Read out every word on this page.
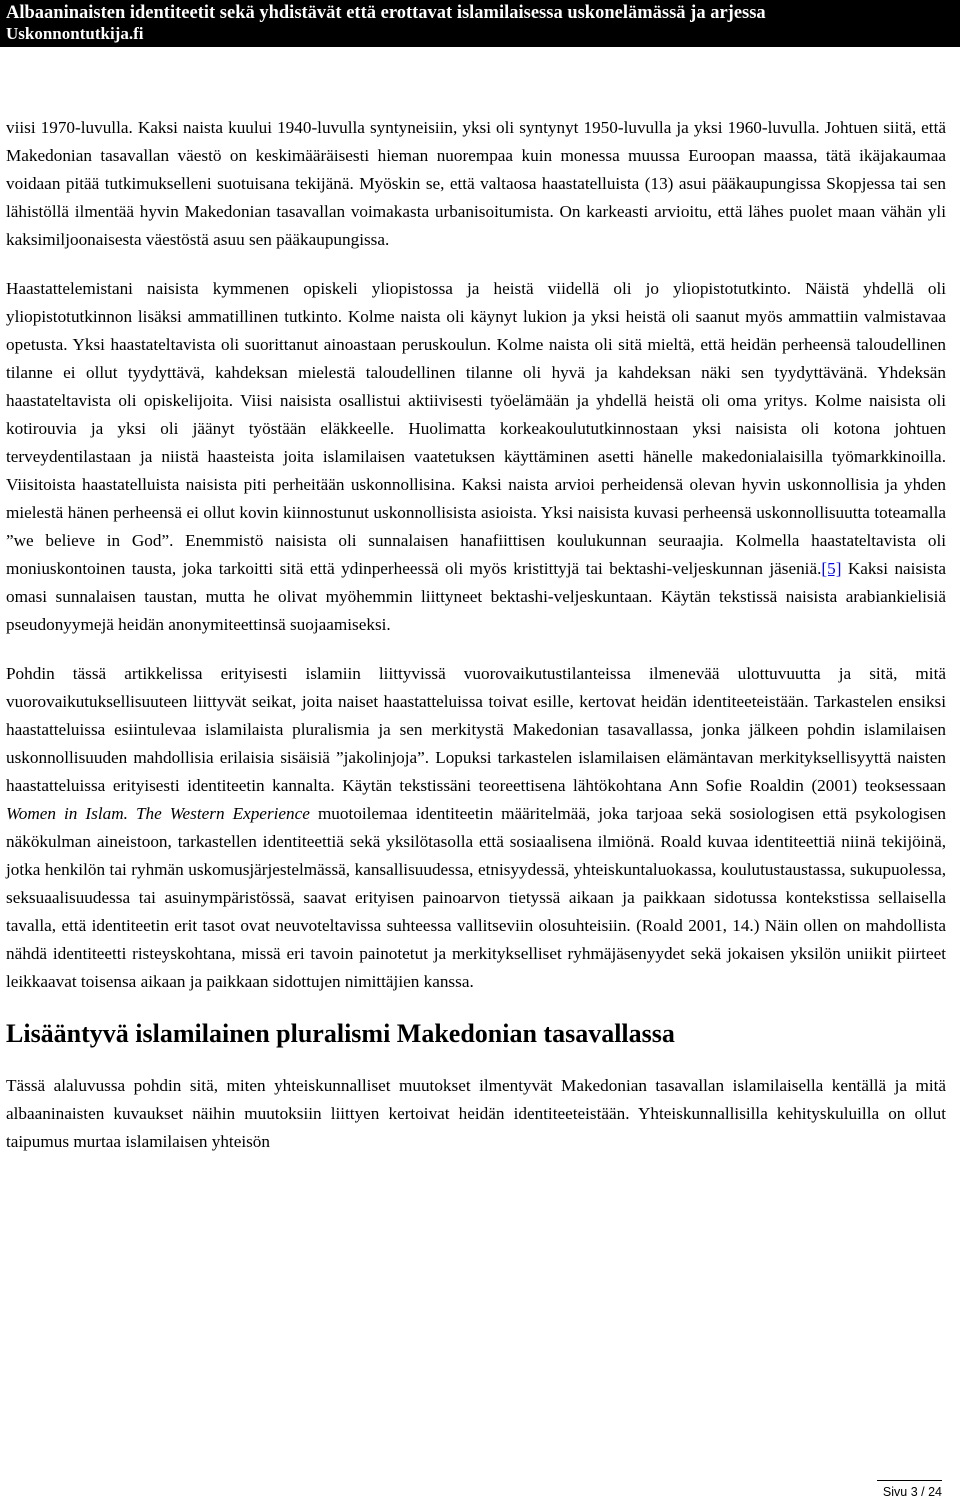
Albaaninaisten identiteetit sekä yhdistävät että erottavat islamilaisessa uskonelämässä ja arjessa
Uskonnontutkija.fi

viisi 1970-luvulla. Kaksi naista kuului 1940-luvulla syntyneisiin, yksi oli syntynyt 1950-luvulla ja yksi 1960-luvulla. Johtuen siitä, että Makedonian tasavallan väestö on keskimääräisesti hieman nuorempaa kuin monessa muussa Euroopan maassa, tätä ikäjakaumaa voidaan pitää tutkimukselleni suotuisana tekijänä. Myöskin se, että valtaosa haastatelluista (13) asui pääkaupungissa Skopjessa tai sen lähistöllä ilmentää hyvin Makedonian tasavallan voimakasta urbanisoitumista. On karkeasti arvioitu, että lähes puolet maan vähän yli kaksimiljoonaisesta väestöstä asuu sen pääkaupungissa.

Haastattelemistani naisista kymmenen opiskeli yliopistossa ja heistä viidellä oli jo yliopistotutkinto. Näistä yhdellä oli yliopistotutkinnon lisäksi ammatillinen tutkinto. Kolme naista oli käynyt lukion ja yksi heistä oli saanut myös ammattiin valmistavaa opetusta. Yksi haastateltavista oli suorittanut ainoastaan peruskoulun. Kolme naista oli sitä mieltä, että heidän perheensä taloudellinen tilanne ei ollut tyydyttävä, kahdeksan mielestä taloudellinen tilanne oli hyvä ja kahdeksan näki sen tyydyttävänä. Yhdeksän haastateltavista oli opiskelijoita. Viisi naisista osallistui aktiivisesti työelämään ja yhdellä heistä oli oma yritys. Kolme naisista oli kotirouvia ja yksi oli jäänyt työstään eläkkeelle. Huolimatta korkeakoulututkinnostaan yksi naisista oli kotona johtuen terveydentilastaan ja niistä haasteista joita islamilaisen vaatetuksen käyttäminen asetti hänelle makedonialaisilla työmarkkinoilla. Viisitoista haastatelluista naisista piti perheitään uskonnollisina. Kaksi naista arvioi perheidensä olevan hyvin uskonnollisia ja yhden mielestä hänen perheensä ei ollut kovin kiinnostunut uskonnollisista asioista. Yksi naisista kuvasi perheensä uskonnollisuutta toteamalla ”we believe in God”. Enemmistö naisista oli sunnalaisen hanafiittisen koulukunnan seuraajia. Kolmella haastateltavista oli moniuskontoinen tausta, joka tarkoitti sitä että ydinperheessä oli myös kristittyjä tai bektashi-veljeskunnan jäseniä.[5] Kaksi naisista omasi sunnalaisen taustan, mutta he olivat myöhemmin liittyneet bektashi-veljeskuntaan. Käytän tekstissä naisista arabiankielisiä pseudonyymejä heidän anonymiteettinsä suojaamiseksi.

Pohdin tässä artikkelissa erityisesti islamiin liittyvissä vuorovaikutustilanteissa ilmenevää ulottuvuutta ja sitä, mitä vuorovaikutuksellisuuteen liittyvät seikat, joita naiset haastatteluissa toivat esille, kertovat heidän identiteeteistään. Tarkastelen ensiksi haastatteluissa esiintulevaa islamilaista pluralismia ja sen merkitystä Makedonian tasavallassa, jonka jälkeen pohdin islamilaisen uskonnollisuuden mahdollisia erilaisia sisäisiä ”jakolinjoja”. Lopuksi tarkastelen islamilaisen elämäntavan merkityksellisyyttä naisten haastatteluissa erityisesti identiteetin kannalta. Käytän tekstissäni teoreettisena lähtökohtana Ann Sofie Roaldin (2001) teoksessaan Women in Islam. The Western Experience muotoilemaa identiteetin määritelmää, joka tarjoaa sekä sosiologisen että psykologisen näkökulman aineistoon, tarkastellen identiteettiä sekä yksilötasolla että sosiaalisena ilmiönä. Roald kuvaa identiteettiä niinä tekijöinä, jotka henkilön tai ryhmän uskomusjärjestelmässä, kansallisuudessa, etnisyydessä, yhteiskuntaluokassa, koulutustaustassa, sukupuolessa, seksuaalisuudessa tai asuinympäristössä, saavat erityisen painoarvon tietyssä aikaan ja paikkaan sidotussa kontekstissa sellaisella tavalla, että identiteetin erit tasot ovat neuvoteltavissa suhteessa vallitseviin olosuhteisiin. (Roald 2001, 14.) Näin ollen on mahdollista nähdä identiteetti risteyskohtana, missä eri tavoin painotetut ja merkitykselliset ryhmäjäsenyydet sekä jokaisen yksilön uniikit piirteet leikkaavat toisensa aikaan ja paikkaan sidottujen nimittäjien kanssa.

Lisääntyvä islamilainen pluralismi Makedonian tasavallassa

Tässä alaluvussa pohdin sitä, miten yhteiskunnalliset muutokset ilmentyvät Makedonian tasavallan islamilaisella kentällä ja mitä albaaninaisten kuvaukset näihin muutoksiin liittyen kertoivat heidän identiteeteistään. Yhteiskunnallisilla kehityskuluilla on ollut taipumus murtaa islamilaisen yhteisön

Sivu 3 / 24
